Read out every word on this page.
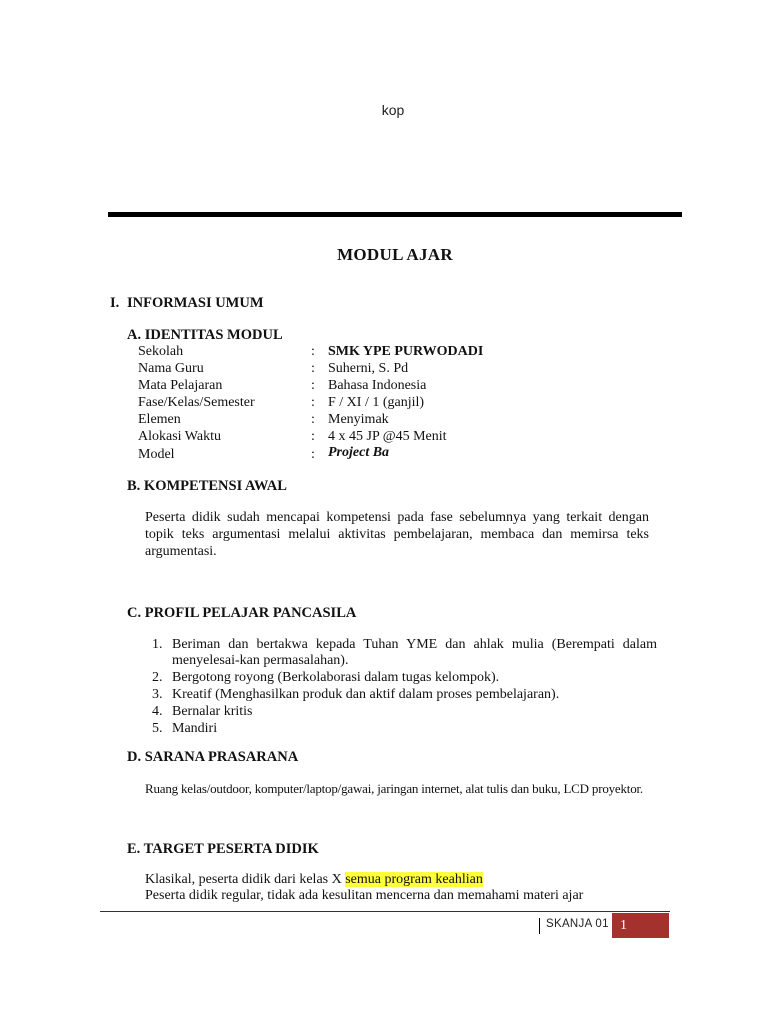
kop
MODUL AJAR
I. INFORMASI UMUM
A. IDENTITAS MODUL
Sekolah	: SMK YPE PURWODADI
Nama Guru	: Suherni, S. Pd
Mata Pelajaran	: Bahasa Indonesia
Fase/Kelas/Semester	: F / XI / 1 (ganjil)
Elemen	: Menyimak
Alokasi Waktu	: 4 x 45 JP @45 Menit
Model	: Project Ba
B. KOMPETENSI AWAL
Peserta didik sudah mencapai kompetensi pada fase sebelumnya yang terkait dengan topik teks argumentasi melalui aktivitas pembelajaran, membaca dan memirsa teks argumentasi.
C. PROFIL PELAJAR PANCASILA
1. Beriman dan bertakwa kepada Tuhan YME dan ahlak mulia (Berempati dalam menyelesai-kan permasalahan).
2. Bergotong royong (Berkolaborasi dalam tugas kelompok).
3. Kreatif (Menghasilkan produk dan aktif dalam proses pembelajaran).
4. Bernalar kritis
5. Mandiri
D. SARANA PRASARANA
Ruang kelas/outdoor, komputer/laptop/gawai, jaringan internet, alat tulis dan buku, LCD proyektor.
E. TARGET PESERTA DIDIK
Klasikal, peserta didik dari kelas X semua program keahlian
Peserta didik regular, tidak ada kesulitan mencerna dan memahami materi ajar
SKANJA 01 1
